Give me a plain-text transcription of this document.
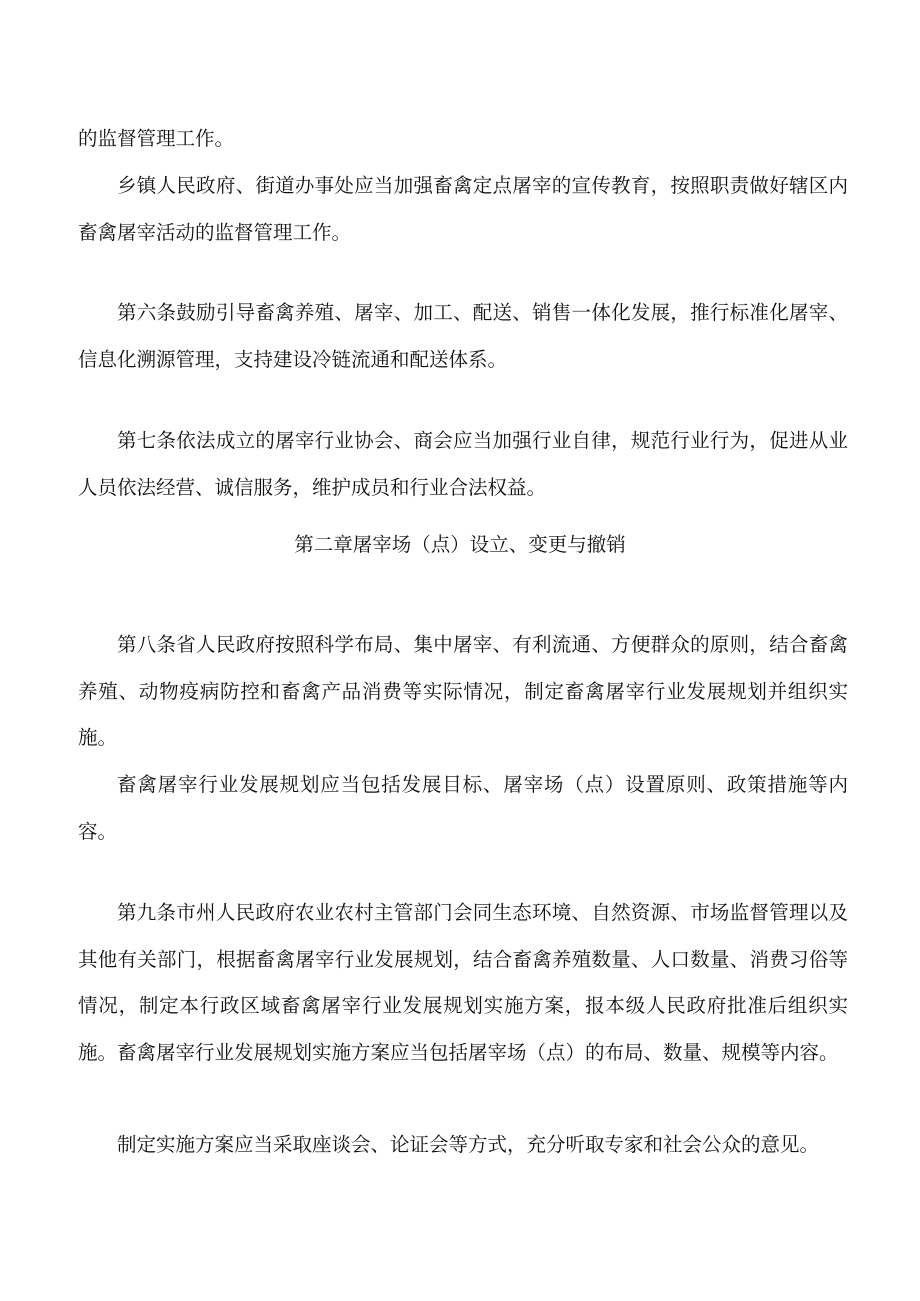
的监督管理工作。

乡镇人民政府、街道办事处应当加强畜禽定点屠宰的宣传教育，按照职责做好辖区内畜禽屠宰活动的监督管理工作。

第六条鼓励引导畜禽养殖、屠宰、加工、配送、销售一体化发展，推行标准化屠宰、信息化溯源管理，支持建设冷链流通和配送体系。

第七条依法成立的屠宰行业协会、商会应当加强行业自律，规范行业行为，促进从业人员依法经营、诚信服务，维护成员和行业合法权益。

第二章屠宰场（点）设立、变更与撤销

第八条省人民政府按照科学布局、集中屠宰、有利流通、方便群众的原则，结合畜禽养殖、动物疫病防控和畜禽产品消费等实际情况，制定畜禽屠宰行业发展规划并组织实施。

畜禽屠宰行业发展规划应当包括发展目标、屠宰场（点）设置原则、政策措施等内容。

第九条市州人民政府农业农村主管部门会同生态环境、自然资源、市场监督管理以及其他有关部门，根据畜禽屠宰行业发展规划，结合畜禽养殖数量、人口数量、消费习俗等情况，制定本行政区域畜禽屠宰行业发展规划实施方案，报本级人民政府批准后组织实施。畜禽屠宰行业发展规划实施方案应当包括屠宰场（点）的布局、数量、规模等内容。

制定实施方案应当采取座谈会、论证会等方式，充分听取专家和社会公众的意见。
